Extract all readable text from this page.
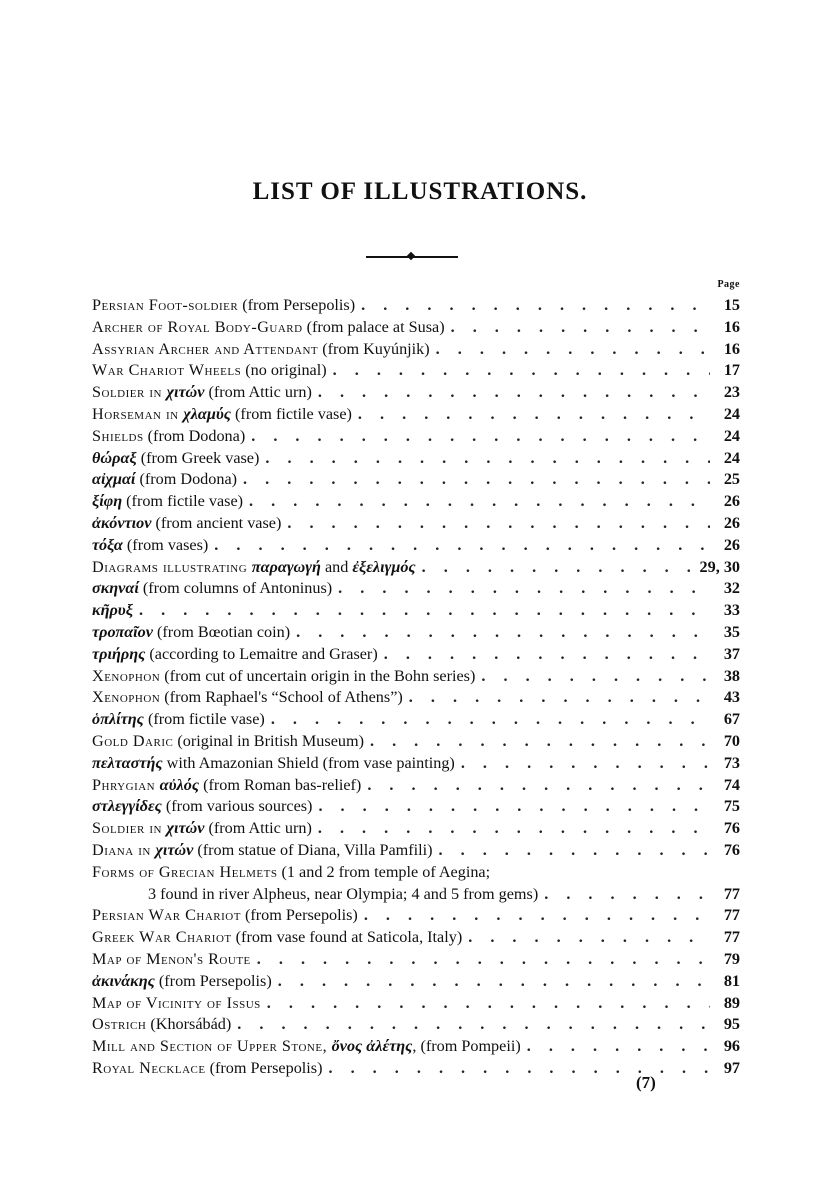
LIST OF ILLUSTRATIONS.
Page
Persian Foot-soldier (from Persepolis) . . .	15
Archer of Royal Body-Guard (from palace at Susa) . . .	16
Assyrian Archer and Attendant (from Kuyúnjik) . . .	16
War Chariot Wheels (no original) . . .	17
Soldier in χιτών (from Attic urn) . . .	23
Horseman in χλαμύς (from fictile vase) . . .	24
Shields (from Dodona) . . .	24
θώραξ (from Greek vase) . . .	24
αἰχμαί (from Dodona) . . .	25
ξίφη (from fictile vase) . . .	26
ἀκόντιον (from ancient vase) . . .	26
τόξα (from vases) . . .	26
Diagrams illustrating παραγωγή and ἐξελιγμός . . .	29, 30
σκηναί (from columns of Antoninus) . . .	32
κῆρυξ . . .	33
τροπαῖον (from Bœotian coin) . . .	35
τριήρης (according to Lemaitre and Graser) . . .	37
Xenophon (from cut of uncertain origin in the Bohn series) . . .	38
Xenophon (from Raphael's “School of Athens”) . . .	43
ὁπλίτης (from fictile vase) . . .	67
Gold Daric (original in British Museum) . . .	70
πελταστής with Amazonian Shield (from vase painting) . . .	73
Phrygian αὐλός (from Roman bas-relief) . . .	74
στλεγγίδες (from various sources) . . .	75
Soldier in χιτών (from Attic urn) . . .	76
Diana in χιτών (from statue of Diana, Villa Pamfili) . . .	76
Forms of Grecian Helmets (1 and 2 from temple of Aegina;
3 found in river Alpheus, near Olympia; 4 and 5 from gems) . . .	77
Persian War Chariot (from Persepolis) . . .	77
Greek War Chariot (from vase found at Saticola, Italy) . . .	77
Map of Menon's Route . . .	79
ἀκινάκης (from Persepolis) . . .	81
Map of Vicinity of Issus . . .	89
Ostrich (Khorsábád) . . .	95
Mill and Section of Upper Stone, ὄνος ἀλέτης, (from Pompeii) . . .	96
Royal Necklace (from Persepolis) . . .	97
(7)
